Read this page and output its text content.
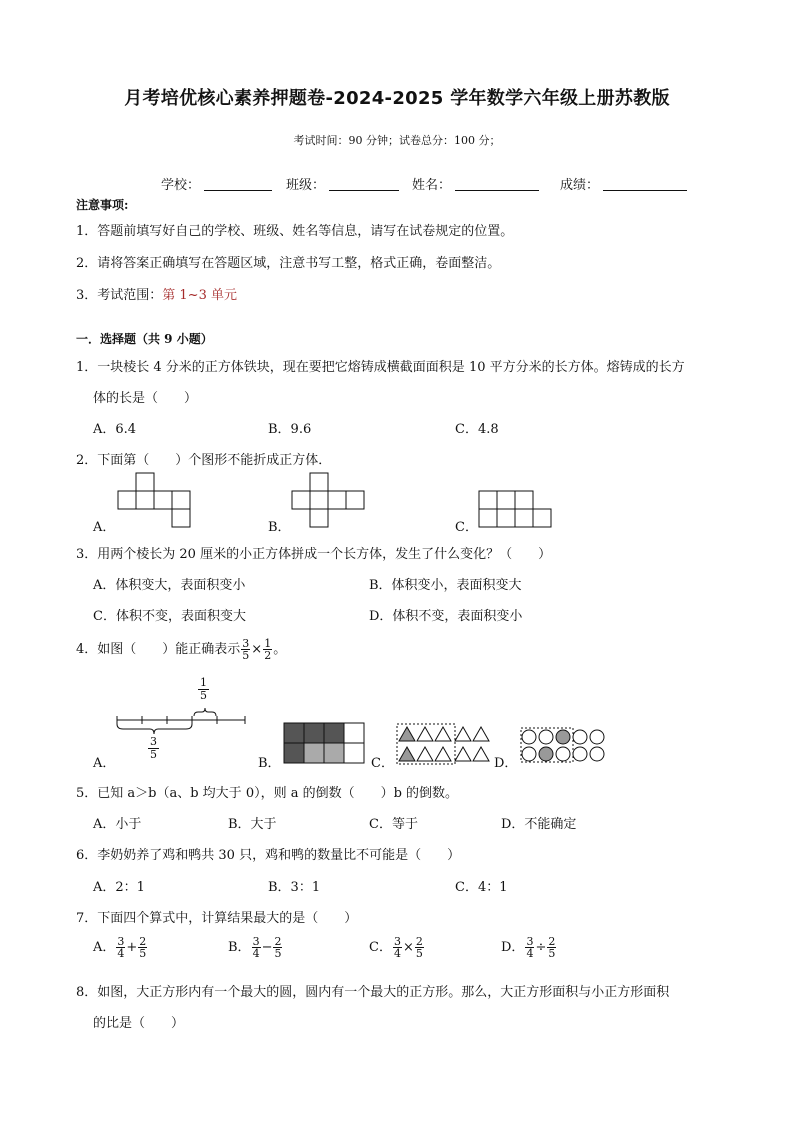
月考培优核心素养押题卷-2024-2025 学年数学六年级上册苏教版
考试时间：90 分钟；试卷总分：100 分；
学校：	班级：	姓名：	成绩：
注意事项:
1．答题前填写好自己的学校、班级、姓名等信息，请写在试卷规定的位置。
2．请将答案正确填写在答题区域，注意书写工整，格式正确，卷面整洁。
3．考试范围：第 1~3 单元
一．选择题（共 9 小题）
1．一块棱长 4 分米的正方体铁块，现在要把它熔铸成横截面面积是 10 平方分米的长方体。熔铸成的长方
体的长是（　　）
A．6.4	B．9.6	C．4.8
2．下面第（　　）个图形不能折成正方体．
A．	B．	C．
3．用两个棱长为 20 厘米的小正方体拼成一个长方体，发生了什么变化？（　　）
A．体积变大，表面积变小	B．体积变小，表面积变大
C．体积不变，表面积变大	D．体积不变，表面积变小
4．如图（　　）能正确表示 $\frac{3}{5} \times \frac{1}{2}$ 。
1
5
3
5
A．	B．	C．	D．
5．已知 a＞b（a、b 均大于 0），则 a 的倒数（　　）b 的倒数。
A．小于	B．大于	C．等于	D．不能确定
6．李奶奶养了鸡和鸭共 30 只，鸡和鸭的数量比不可能是（　　）
A．2：1	B．3：1	C．4：1
7．下面四个算式中，计算结果最大的是（　　）
A． $\frac{3}{4} + \frac{2}{5}$	B． $\frac{3}{4} - \frac{2}{5}$	C． $\frac{3}{4} \times \frac{2}{5}$	D． $\frac{3}{4} \div \frac{2}{5}$
8．如图，大正方形内有一个最大的圆，圆内有一个最大的正方形。那么，大正方形面积与小正方形面积
的比是（　　）
